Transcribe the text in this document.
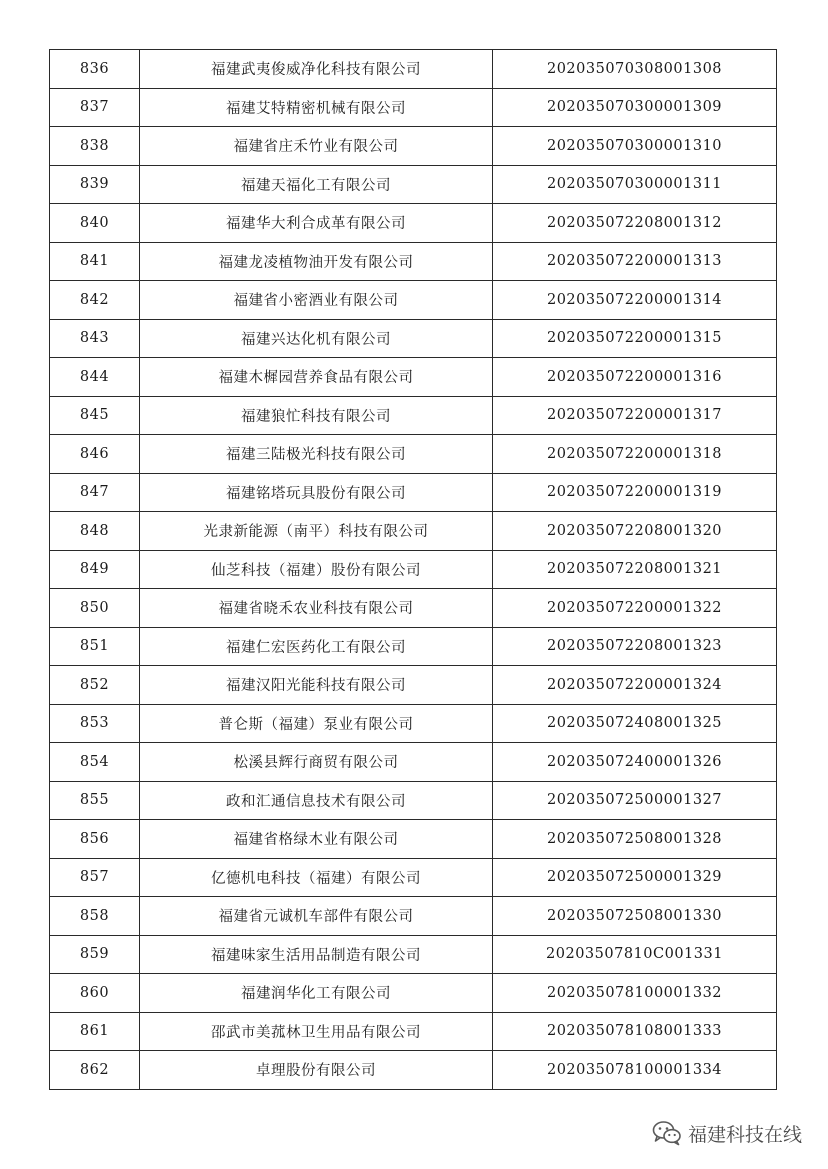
836	福建武夷俊威净化科技有限公司	202035070308001308
837	福建艾特精密机械有限公司	202035070300001309
838	福建省庄禾竹业有限公司	202035070300001310
839	福建天福化工有限公司	202035070300001311
840	福建华大利合成革有限公司	202035072208001312
841	福建龙凌植物油开发有限公司	202035072200001313
842	福建省小密酒业有限公司	202035072200001314
843	福建兴达化机有限公司	202035072200001315
844	福建木樨园营养食品有限公司	202035072200001316
845	福建狼忙科技有限公司	202035072200001317
846	福建三陆极光科技有限公司	202035072200001318
847	福建铭塔玩具股份有限公司	202035072200001319
848	光隶新能源（南平）科技有限公司	202035072208001320
849	仙芝科技（福建）股份有限公司	202035072208001321
850	福建省晓禾农业科技有限公司	202035072200001322
851	福建仁宏医药化工有限公司	202035072208001323
852	福建汉阳光能科技有限公司	202035072200001324
853	普仑斯（福建）泵业有限公司	202035072408001325
854	松溪县辉行商贸有限公司	202035072400001326
855	政和汇通信息技术有限公司	202035072500001327
856	福建省格绿木业有限公司	202035072508001328
857	亿德机电科技（福建）有限公司	202035072500001329
858	福建省元诚机车部件有限公司	202035072508001330
859	福建味家生活用品制造有限公司	20203507810C001331
860	福建润华化工有限公司	202035078100001332
861	邵武市美菰林卫生用品有限公司	202035078108001333
862	卓理股份有限公司	202035078100001334
福建科技在线
